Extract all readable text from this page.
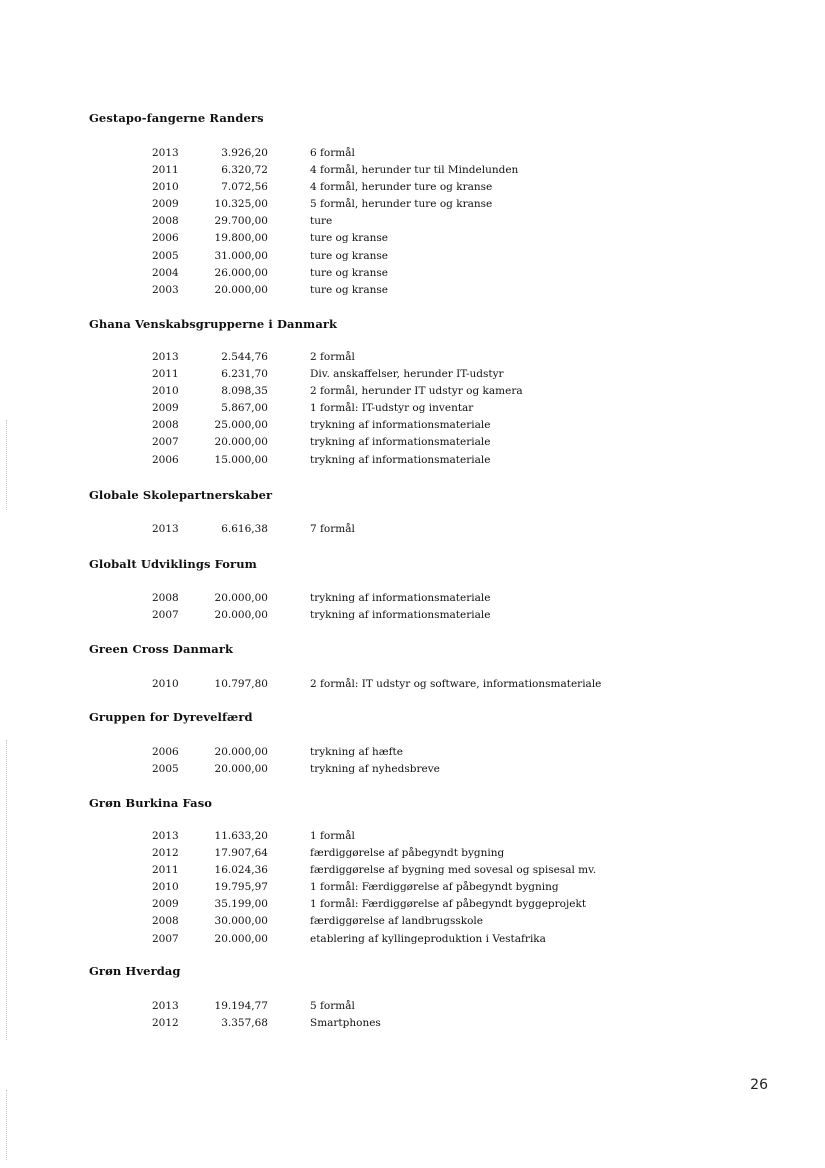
Gestapo-fangerne Randers
2013	3.926,20	6 formål
2011	6.320,72	4 formål, herunder tur til Mindelunden
2010	7.072,56	4 formål, herunder ture og kranse
2009	10.325,00	5 formål, herunder ture og kranse
2008	29.700,00	ture
2006	19.800,00	ture og kranse
2005	31.000,00	ture og kranse
2004	26.000,00	ture og kranse
2003	20.000,00	ture og kranse
Ghana Venskabsgrupperne i Danmark
2013	2.544,76	2 formål
2011	6.231,70	Div. anskaffelser, herunder IT-udstyr
2010	8.098,35	2 formål, herunder IT udstyr og kamera
2009	5.867,00	1 formål: IT-udstyr og inventar
2008	25.000,00	trykning af informationsmateriale
2007	20.000,00	trykning af informationsmateriale
2006	15.000,00	trykning af informationsmateriale
Globale Skolepartnerskaber
2013	6.616,38	7 formål
Globalt Udviklings Forum
2008	20.000,00	trykning af informationsmateriale
2007	20.000,00	trykning af informationsmateriale
Green Cross Danmark
2010	10.797,80	2 formål: IT udstyr og software, informationsmateriale
Gruppen for Dyrevelfærd
2006	20.000,00	trykning af hæfte
2005	20.000,00	trykning af nyhedsbreve
Grøn Burkina Faso
2013	11.633,20	1 formål
2012	17.907,64	færdiggørelse af påbegyndt bygning
2011	16.024,36	færdiggørelse af bygning med sovesal og spisesal mv.
2010	19.795,97	1 formål: Færdiggørelse af påbegyndt bygning
2009	35.199,00	1 formål: Færdiggørelse af påbegyndt byggeprojekt
2008	30.000,00	færdiggørelse af landbrugsskole
2007	20.000,00	etablering af kyllingeproduktion i Vestafrika
Grøn Hverdag
2013	19.194,77	5 formål
2012	3.357,68	Smartphones
26
